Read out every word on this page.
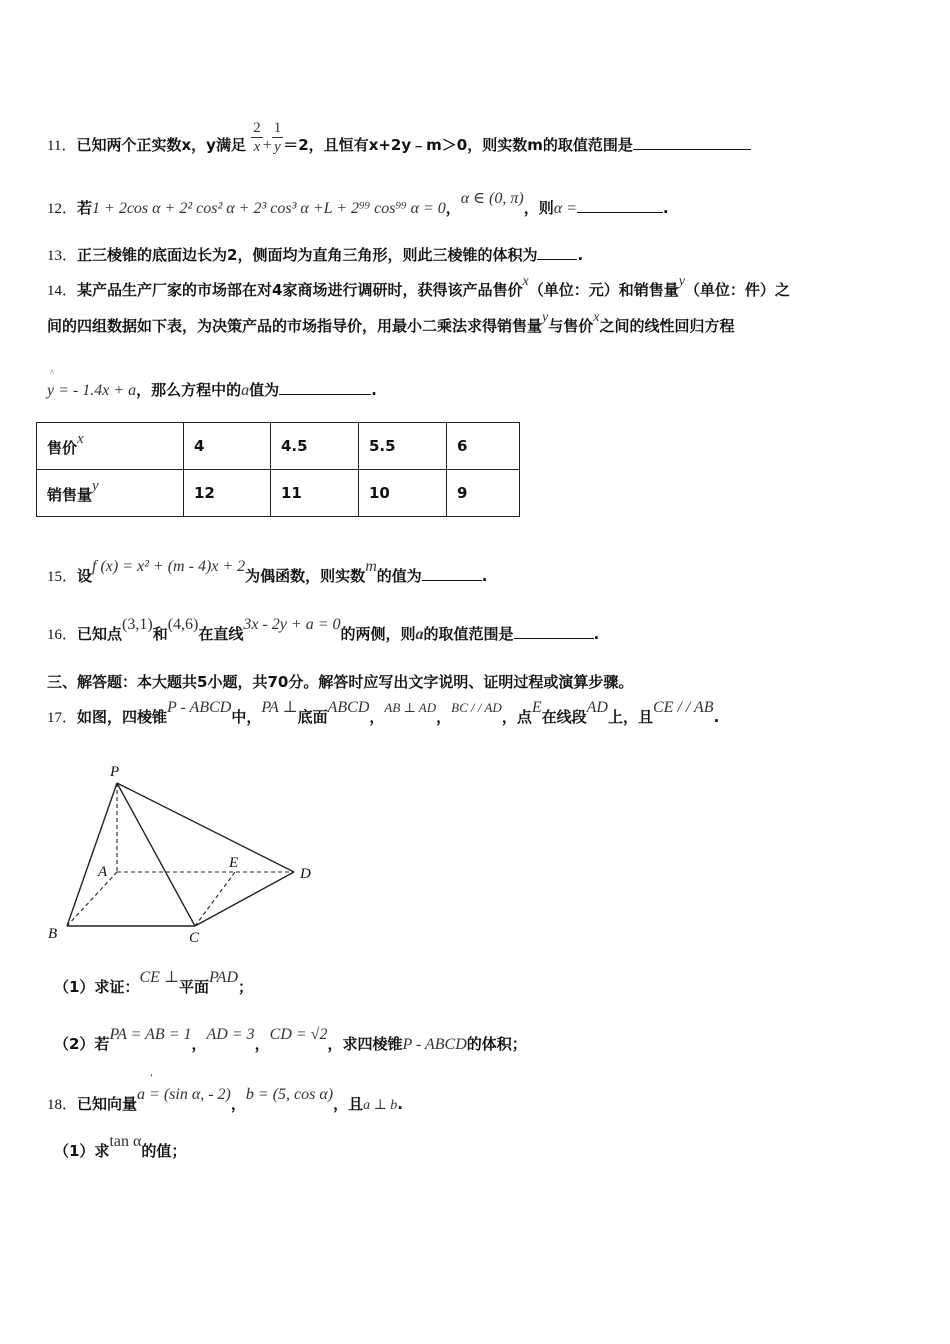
11．已知两个正实数x，y满足 $\frac{2}{x} + \frac{1}{y} =2$，且恒有x+2y﹣m＞0，则实数m的取值范围是
12．若1 + 2cos α + 2² cos² α + 2³ cos³ α +L + 2⁹⁹ cos⁹⁹ α = 0，α ∈ (0, π)，则α =	.
13．正三棱锥的底面边长为2，侧面均为直角三角形，则此三棱锥的体积为	.
14．某产品生产厂家的市场部在对4家商场进行调研时，获得该产品售价x（单位：元）和销售量y（单位：件）之
间的四组数据如下表，为决策产品的市场指导价，用最小二乘法求得销售量y与售价x之间的线性回归方程
^
y = - 1.4x + a，那么方程中的a值为	.
售价$^x$	4	4.5	5.5	6
销售量$^y$	12	11	10	9
15．设f (x) = x² + (m - 4)x + 2为偶函数，则实数m的值为	.
16．已知点(3,1)和(4,6)在直线3x - 2y + a = 0的两侧，则a的取值范围是	.
三、解答题：本大题共5小题，共70分。解答时应写出文字说明、证明过程或演算步骤。
17．如图，四棱锥P - ABCD中，PA ⊥底面ABCD，AB ⊥ AD，BC / / AD，点E在线段AD上，且CE / / AB.
P
A
B	C
D
E
（1）求证：CE ⊥平面PAD；
（2）若PA = AB = 1，AD = 3，CD = √2，求四棱锥P - ABCD的体积；
ʹ
18．已知向量a = (sin α, - 2)，b = (5, cos α)，且a ⊥ b.
（1）求tan α的值；
